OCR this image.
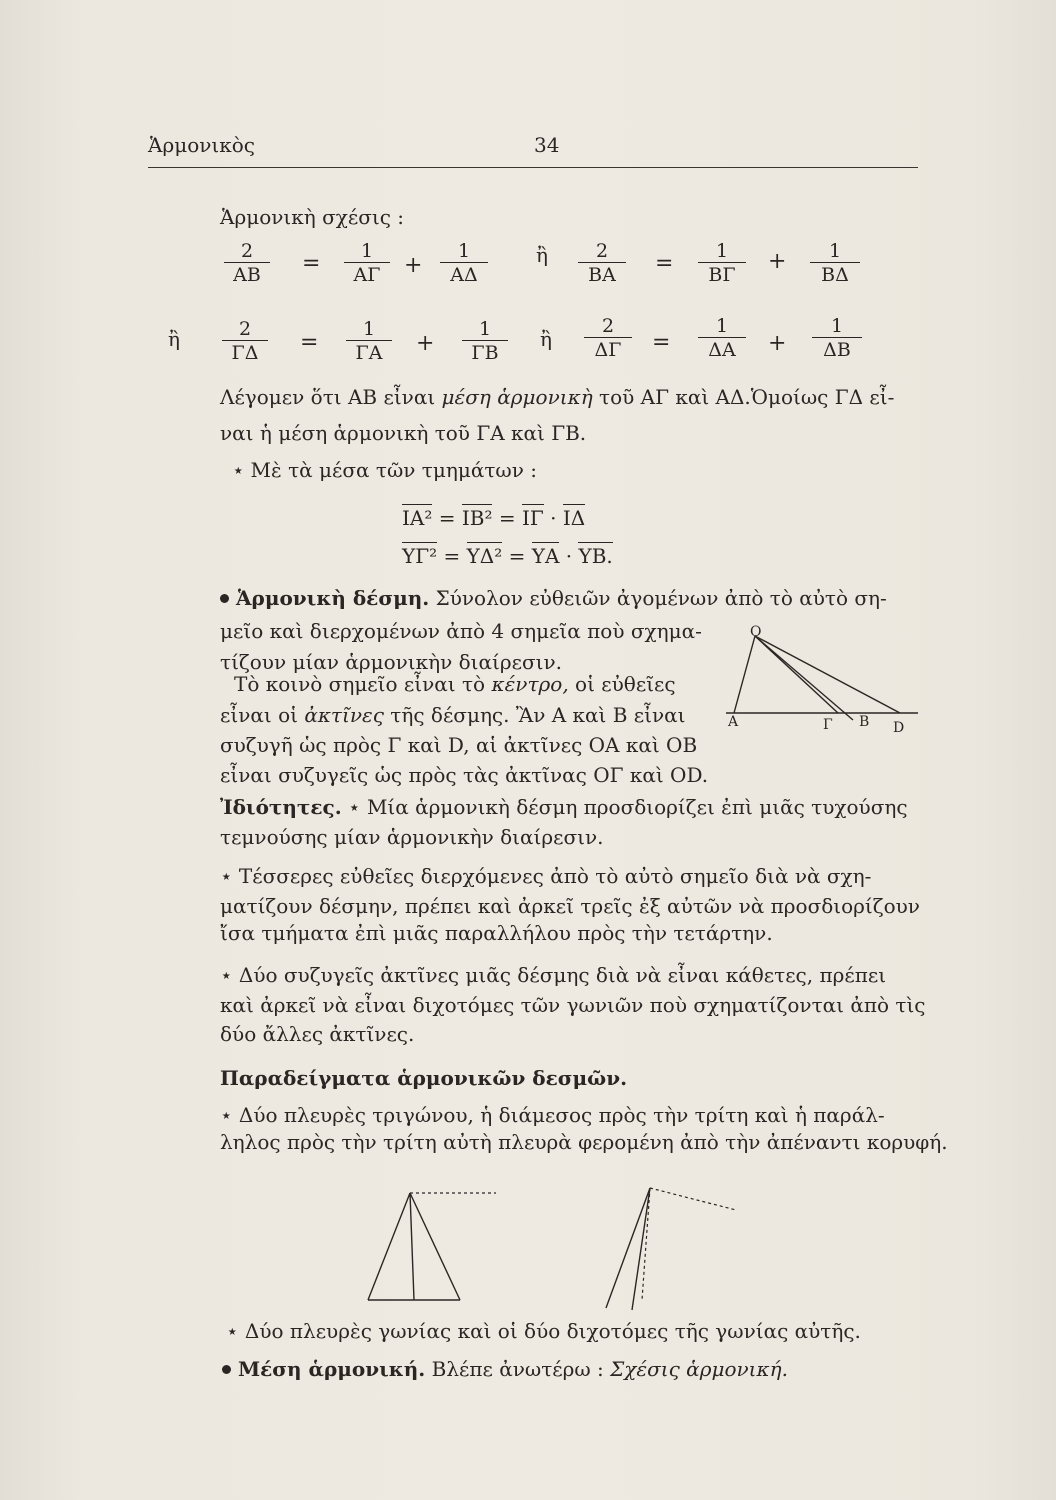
Ἁρμονικὸς	34
Ἁρμονικὴ σχέσις :
$\frac{2}{AB} = \frac{1}{A\Gamma} + \frac{1}{A\Delta}$ ἢ $\frac{2}{BA} = \frac{1}{B\Gamma} + \frac{1}{B\Delta}$
ἢ $\frac{2}{\Gamma\Delta} = \frac{1}{\Gamma A} + \frac{1}{\Gamma B}$ ἢ $\frac{2}{\Delta\Gamma} = \frac{1}{\Delta A} + \frac{1}{\Delta B}$
Λέγομεν ὅτι ΑΒ εἶναι μέση ἁρμονικὴ τοῦ ΑΓ καὶ ΑΔ.Ὁμοίως ΓΔ εἶ-
ναι ἡ μέση ἁρμονικὴ τοῦ ΓΑ καὶ ΓΒ.
⋆ Μὲ τὰ μέσα τῶν τμημάτων :
ΙΑ² = ΙΒ² = ΙΓ · ΙΔ
ΥΓ² = ΥΔ² = ΥΑ · ΥΒ.
Ἁρμονικὴ δέσμη. Σύνολον εὐθειῶν ἀγομένων ἀπὸ τὸ αὐτὸ ση-
μεῖο καὶ διερχομένων ἀπὸ 4 σημεῖα ποὺ σχημα-
τίζουν μίαν ἁρμονικὴν διαίρεσιν.
Τὸ κοινὸ σημεῖο εἶναι τὸ κέντρο, οἱ εὐθεῖες
εἶναι οἱ ἀκτῖνες τῆς δέσμης. Ἂν Α καὶ Β εἶναι
συζυγῆ ὡς πρὸς Γ καὶ D, αἱ ἀκτῖνες ΟΑ καὶ ΟΒ
εἶναι συζυγεῖς ὡς πρὸς τὰς ἀκτῖνας ΟΓ καὶ ΟD.
Ο
Α	Γ Β D
Ἰδιότητες. ⋆ Μία ἁρμονικὴ δέσμη προσδιορίζει ἐπὶ μιᾶς τυχούσης
τεμνούσης μίαν ἁρμονικὴν διαίρεσιν.
⋆ Τέσσερες εὐθεῖες διερχόμενες ἀπὸ τὸ αὐτὸ σημεῖο διὰ νὰ σχη-
ματίζουν δέσμην, πρέπει καὶ ἀρκεῖ τρεῖς ἐξ αὐτῶν νὰ προσδιορίζουν
ἴσα τμήματα ἐπὶ μιᾶς παραλλήλου πρὸς τὴν τετάρτην.
⋆ Δύο συζυγεῖς ἀκτῖνες μιᾶς δέσμης διὰ νὰ εἶναι κάθετες, πρέπει
καὶ ἀρκεῖ νὰ εἶναι διχοτόμες τῶν γωνιῶν ποὺ σχηματίζονται ἀπὸ τὶς
δύο ἄλλες ἀκτῖνες.
Παραδείγματα ἁρμονικῶν δεσμῶν.
⋆ Δύο πλευρὲς τριγώνου, ἡ διάμεσος πρὸς τὴν τρίτη καὶ ἡ παράλ-
ληλος πρὸς τὴν τρίτη αὐτὴ πλευρὰ φερομένη ἀπὸ τὴν ἀπέναντι κορυφή.
⋆ Δύο πλευρὲς γωνίας καὶ οἱ δύο διχοτόμες τῆς γωνίας αὐτῆς.
Μέση ἁρμονική. Βλέπε ἀνωτέρω : Σχέσις ἁρμονική.
